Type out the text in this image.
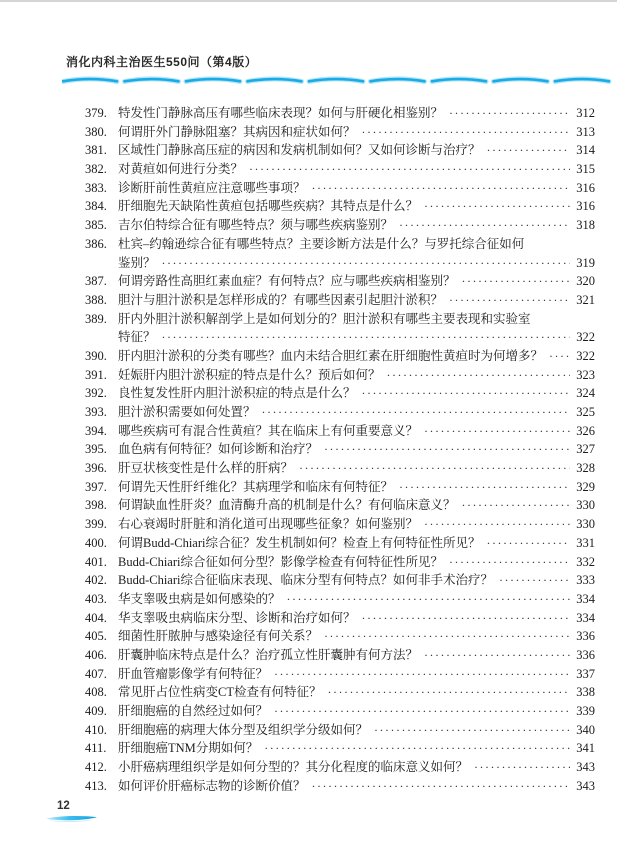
消化内科主治医生550问（第4版）
379. 特发性门静脉高压有哪些临床表现？如何与肝硬化相鉴别？ ·····	312
380. 何谓肝外门静脉阻塞？其病因和症状如何？ ·····	313
381. 区域性门静脉高压症的病因和发病机制如何？又如何诊断与治疗？ ·····	314
382. 对黄疸如何进行分类？ ·····	315
383. 诊断肝前性黄疸应注意哪些事项？ ·····	316
384. 肝细胞先天缺陷性黄疸包括哪些疾病？其特点是什么？ ·····	316
385. 吉尔伯特综合征有哪些特点？须与哪些疾病鉴别？ ·····	318
386. 杜宾–约翰逊综合征有哪些特点？主要诊断方法是什么？与罗托综合征如何
鉴别？ ·····	319
387. 何谓旁路性高胆红素血症？有何特点？应与哪些疾病相鉴别？ ·····	320
388. 胆汁与胆汁淤积是怎样形成的？有哪些因素引起胆汁淤积？ ·····	321
389. 肝内外胆汁淤积解剖学上是如何划分的？胆汁淤积有哪些主要表现和实验室
特征？ ·····	322
390. 肝内胆汁淤积的分类有哪些？血内未结合胆红素在肝细胞性黄疸时为何增多？ ·····	322
391. 妊娠肝内胆汁淤积症的特点是什么？预后如何？ ·····	323
392. 良性复发性肝内胆汁淤积症的特点是什么？ ·····	324
393. 胆汁淤积需要如何处置？ ·····	325
394. 哪些疾病可有混合性黄疸？其在临床上有何重要意义？ ·····	326
395. 血色病有何特征？如何诊断和治疗？ ·····	327
396. 肝豆状核变性是什么样的肝病？ ·····	328
397. 何谓先天性肝纤维化？其病理学和临床有何特征？ ·····	329
398. 何谓缺血性肝炎？血清酶升高的机制是什么？有何临床意义？ ·····	330
399. 右心衰竭时肝脏和消化道可出现哪些征象？如何鉴别？ ·····	330
400. 何谓Budd-Chiari综合征？发生机制如何？检查上有何特征性所见？ ·····	331
401. Budd-Chiari综合征如何分型？影像学检查有何特征性所见？ ·····	332
402. Budd-Chiari综合征临床表现、临床分型有何特点？如何非手术治疗？ ·····	333
403. 华支睾吸虫病是如何感染的？ ·····	334
404. 华支睾吸虫病临床分型、诊断和治疗如何？ ·····	334
405. 细菌性肝脓肿与感染途径有何关系？ ·····	336
406. 肝囊肿临床特点是什么？治疗孤立性肝囊肿有何方法？ ·····	336
407. 肝血管瘤影像学有何特征？ ·····	337
408. 常见肝占位性病变CT检查有何特征？ ·····	338
409. 肝细胞癌的自然经过如何？ ·····	339
410. 肝细胞癌的病理大体分型及组织学分级如何？ ·····	340
411. 肝细胞癌TNM分期如何？ ·····	341
412. 小肝癌病理组织学是如何分型的？其分化程度的临床意义如何？ ·····	343
413. 如何评价肝癌标志物的诊断价值？ ·····	343
12
